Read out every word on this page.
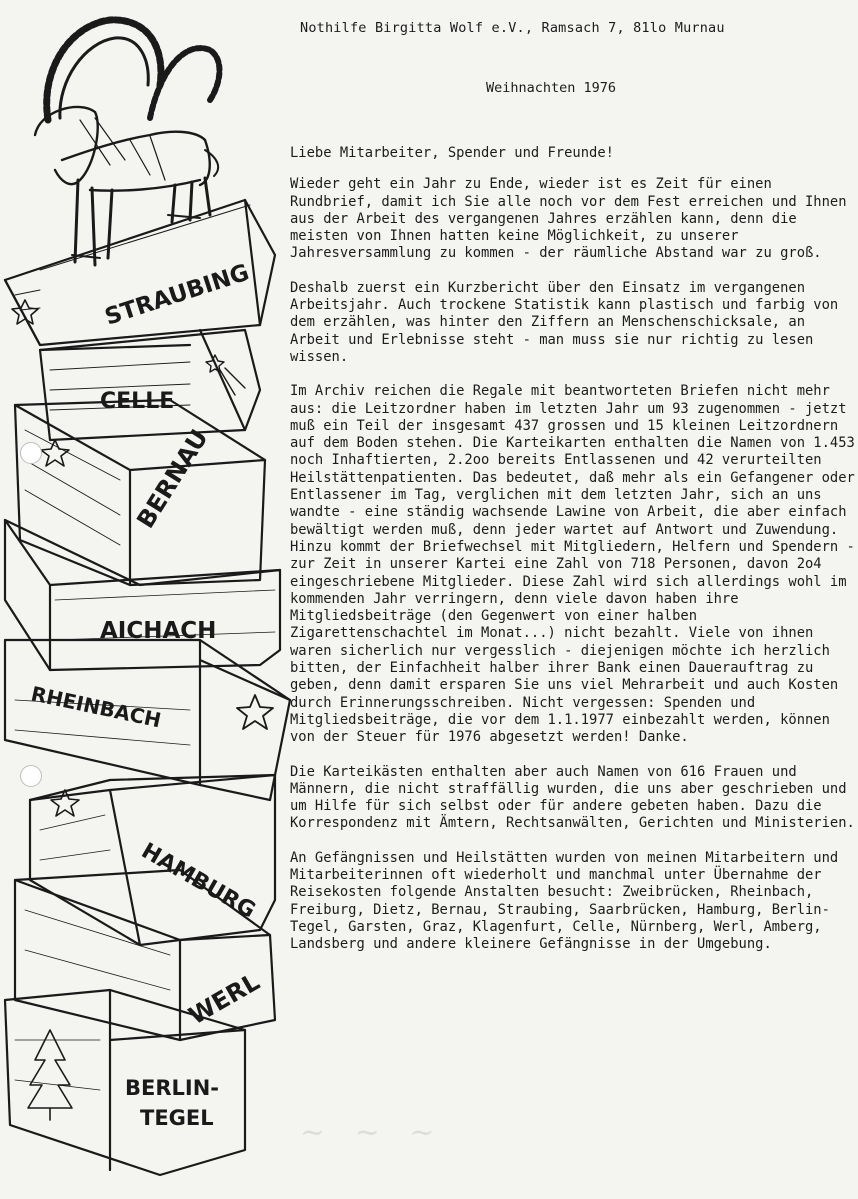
STRAUBING
CELLE
BERNAU
AICHACH
RHEINBACH
HAMBURG
WERL
BERLIN-
TEGEL
Nothilfe Birgitta Wolf e.V., Ramsach 7, 81lo Murnau
Weihnachten 1976

Liebe Mitarbeiter, Spender und Freunde!

Wieder geht ein Jahr zu Ende, wieder ist es Zeit für einen Rundbrief, damit ich Sie alle noch vor dem Fest erreichen und Ihnen aus der Arbeit des vergangenen Jahres erzählen kann, denn die meisten von Ihnen hatten keine Möglichkeit, zu unserer Jahresversammlung zu kommen - der räumliche Abstand war zu groß.

Deshalb zuerst ein Kurzbericht über den Einsatz im vergangenen Arbeitsjahr. Auch trockene Statistik kann plastisch und farbig von dem erzählen, was hinter den Ziffern an Menschenschicksale, an Arbeit und Erlebnisse steht - man muss sie nur richtig zu lesen wissen.

Im Archiv reichen die Regale mit beantworteten Briefen nicht mehr aus: die Leitzordner haben im letzten Jahr um 93 zugenommen - jetzt muß ein Teil der insgesamt 437 grossen und 15 kleinen Leitzordnern auf dem Boden stehen. Die Karteikarten enthalten die Namen von 1.453 noch Inhaftierten, 2.2oo bereits Entlassenen und 42 verurteilten Heilstättenpatienten. Das bedeutet, daß mehr als ein Gefangener oder Entlassener im Tag, verglichen mit dem letzten Jahr, sich an uns wandte - eine ständig wachsende Lawine von Arbeit, die aber einfach bewältigt werden muß, denn jeder wartet auf Antwort und Zuwendung. Hinzu kommt der Briefwechsel mit Mitgliedern, Helfern und Spendern - zur Zeit in unserer Kartei eine Zahl von 718 Personen, davon 2o4 eingeschriebene Mitglieder. Diese Zahl wird sich allerdings wohl im kommenden Jahr verringern, denn viele davon haben ihre Mitgliedsbeiträge (den Gegenwert von einer halben Zigarettenschachtel im Monat...) nicht bezahlt. Viele von ihnen waren sicherlich nur vergesslich - diejenigen möchte ich herzlich bitten, der Einfachheit halber ihrer Bank einen Dauerauftrag zu geben, denn damit ersparen Sie uns viel Mehrarbeit und auch Kosten durch Erinnerungsschreiben. Nicht vergessen: Spenden und Mitgliedsbeiträge, die vor dem 1.1.1977 einbezahlt werden, können von der Steuer für 1976 abgesetzt werden! Danke.

Die Karteikästen enthalten aber auch Namen von 616 Frauen und Männern, die nicht straffällig wurden, die uns aber geschrieben und um Hilfe für sich selbst oder für andere gebeten haben. Dazu die Korrespondenz mit Ämtern, Rechtsanwälten, Gerichten und Ministerien.

An Gefängnissen und Heilstätten wurden von meinen Mitarbeitern und Mitarbeiterinnen oft wiederholt und manchmal unter Übernahme der Reisekosten folgende Anstalten besucht: Zweibrücken, Rheinbach, Freiburg, Dietz, Bernau, Straubing, Saarbrücken, Hamburg, Berlin-Tegel, Garsten, Graz, Klagenfurt, Celle, Nürnberg, Werl, Amberg, Landsberg und andere kleinere Gefängnisse in der Umgebung.

~ ~ ~
